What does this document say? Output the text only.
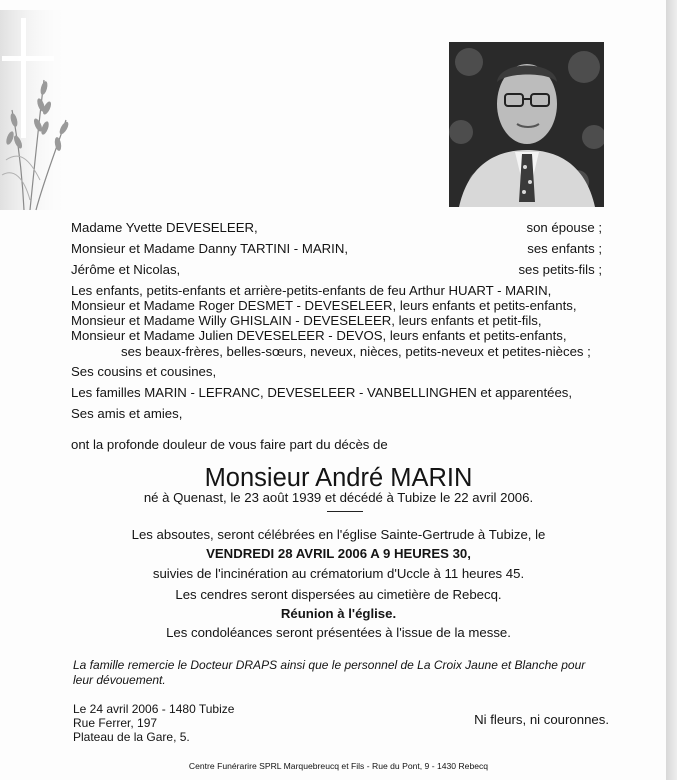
Madame Yvette DEVESELEER,	son épouse ;
Monsieur et Madame Danny TARTINI - MARIN,	ses enfants ;
Jérôme et Nicolas,	ses petits-fils ;
Les enfants, petits-enfants et arrière-petits-enfants de feu Arthur HUART - MARIN,
Monsieur et Madame Roger DESMET - DEVESELEER, leurs enfants et petits-enfants,
Monsieur et Madame Willy GHISLAIN - DEVESELEER, leurs enfants et petit-fils,
Monsieur et Madame Julien DEVESELEER - DEVOS, leurs enfants et petits-enfants,
ses beaux-frères, belles-sœurs, neveux, nièces, petits-neveux et petites-nièces ;
Ses cousins et cousines,
Les familles MARIN - LEFRANC, DEVESELEER - VANBELLINGHEN et apparentées,
Ses amis et amies,
ont la profonde douleur de vous faire part du décès de
Monsieur André MARIN
né à Quenast, le 23 août 1939 et décédé à Tubize le 22 avril 2006.
Les absoutes, seront célébrées en l'église Sainte-Gertrude à Tubize, le
VENDREDI 28 AVRIL 2006 A 9 HEURES 30,
suivies de l'incinération au crématorium d'Uccle à 11 heures 45.
Les cendres seront dispersées au cimetière de Rebecq.
Réunion à l'église.
Les condoléances seront présentées à l'issue de la messe.
La famille remercie le Docteur DRAPS ainsi que le personnel de La Croix Jaune et Blanche pour
leur dévouement.
Le 24 avril 2006 - 1480 Tubize
Rue Ferrer, 197
Plateau de la Gare, 5.
Ni fleurs, ni couronnes.
Centre Funérarire SPRL Marquebreucq et Fils - Rue du Pont, 9 - 1430 Rebecq
